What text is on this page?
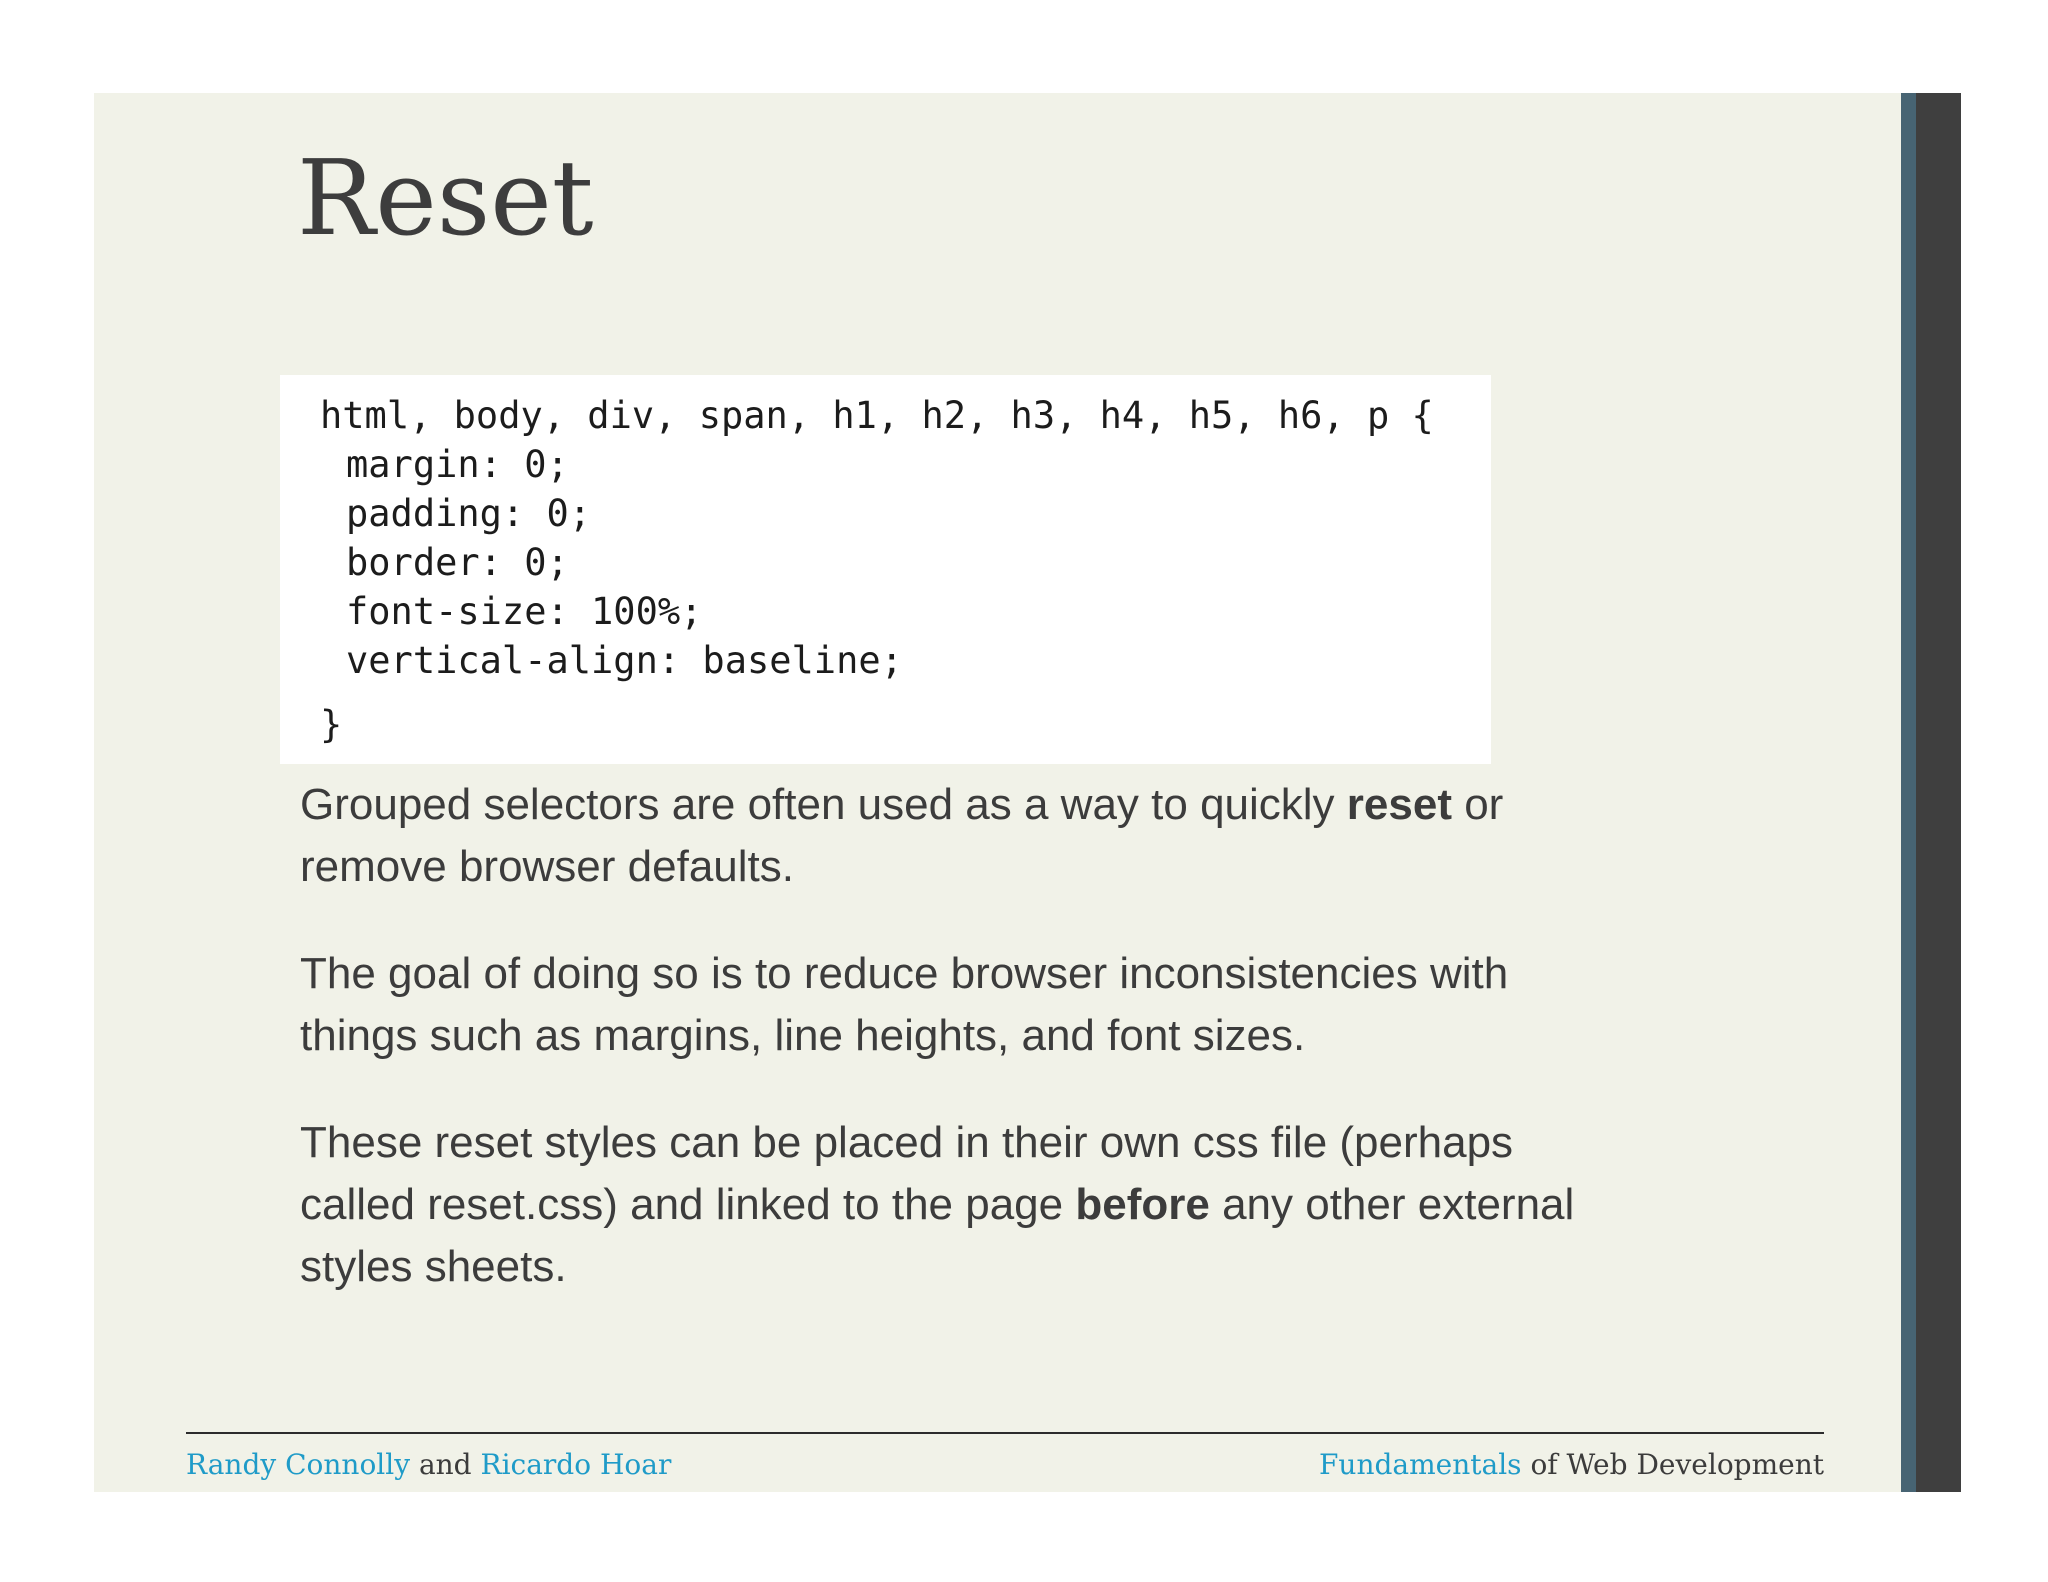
Reset
html, body, div, span, h1, h2, h3, h4, h5, h6, p {
margin: 0;
padding: 0;
border: 0;
font-size: 100%;
vertical-align: baseline;
}

Grouped selectors are often used as a way to quickly reset or remove browser defaults.

The goal of doing so is to reduce browser inconsistencies with things such as margins, line heights, and font sizes.

These reset styles can be placed in their own css file (perhaps called reset.css) and linked to the page before any other external styles sheets.

Randy Connolly and Ricardo Hoar	Fundamentals of Web Development
